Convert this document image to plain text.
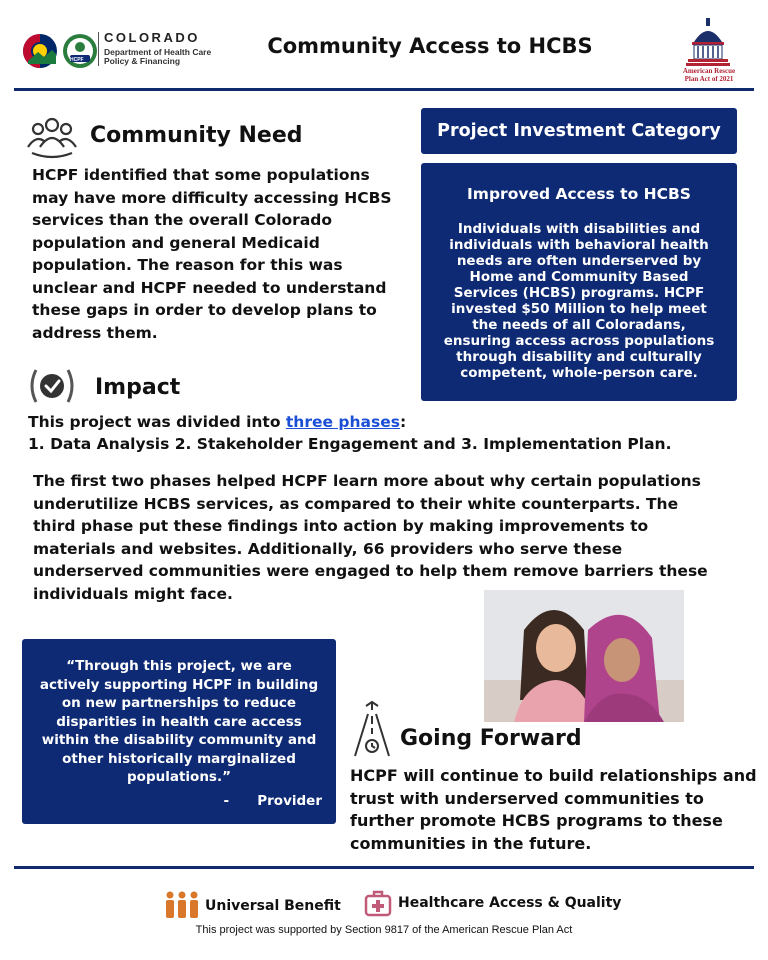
HCPF
COLORADO
Department of Health Care
Policy & Financing
Community Access to HCBS
American Rescue
Plan Act of 2021
Community Need
HCPF identified that some populations
may have more difficulty accessing HCBS
services than the overall Colorado
population and general Medicaid
population. The reason for this was
unclear and HCPF needed to understand
these gaps in order to develop plans to
address them.
Project Investment Category
Improved Access to HCBS
Individuals with disabilities and individuals with behavioral health needs are often underserved by Home and Community Based Services (HCBS) programs. HCPF invested $50 Million to help meet the needs of all Coloradans, ensuring access across populations through disability and culturally competent, whole-person care.
Impact
This project was divided into three phases:
1. Data Analysis 2. Stakeholder Engagement and 3. Implementation Plan.
The first two phases helped HCPF learn more about why certain populations
underutilize HCBS services, as compared to their white counterparts. The
third phase put these findings into action by making improvements to
materials and websites. Additionally, 66 providers who serve these
underserved communities were engaged to help them remove barriers these
individuals might face.
“Through this project, we are actively supporting HCPF in building on new partnerships to reduce disparities in health care access within the disability community and other historically marginalized populations.”
-      Provider
Going Forward
HCPF will continue to build relationships and
trust with underserved communities to
further promote HCBS programs to these
communities in the future.
Universal Benefit	Healthcare Access & Quality
This project was supported by Section 9817 of the American Rescue Plan Act
